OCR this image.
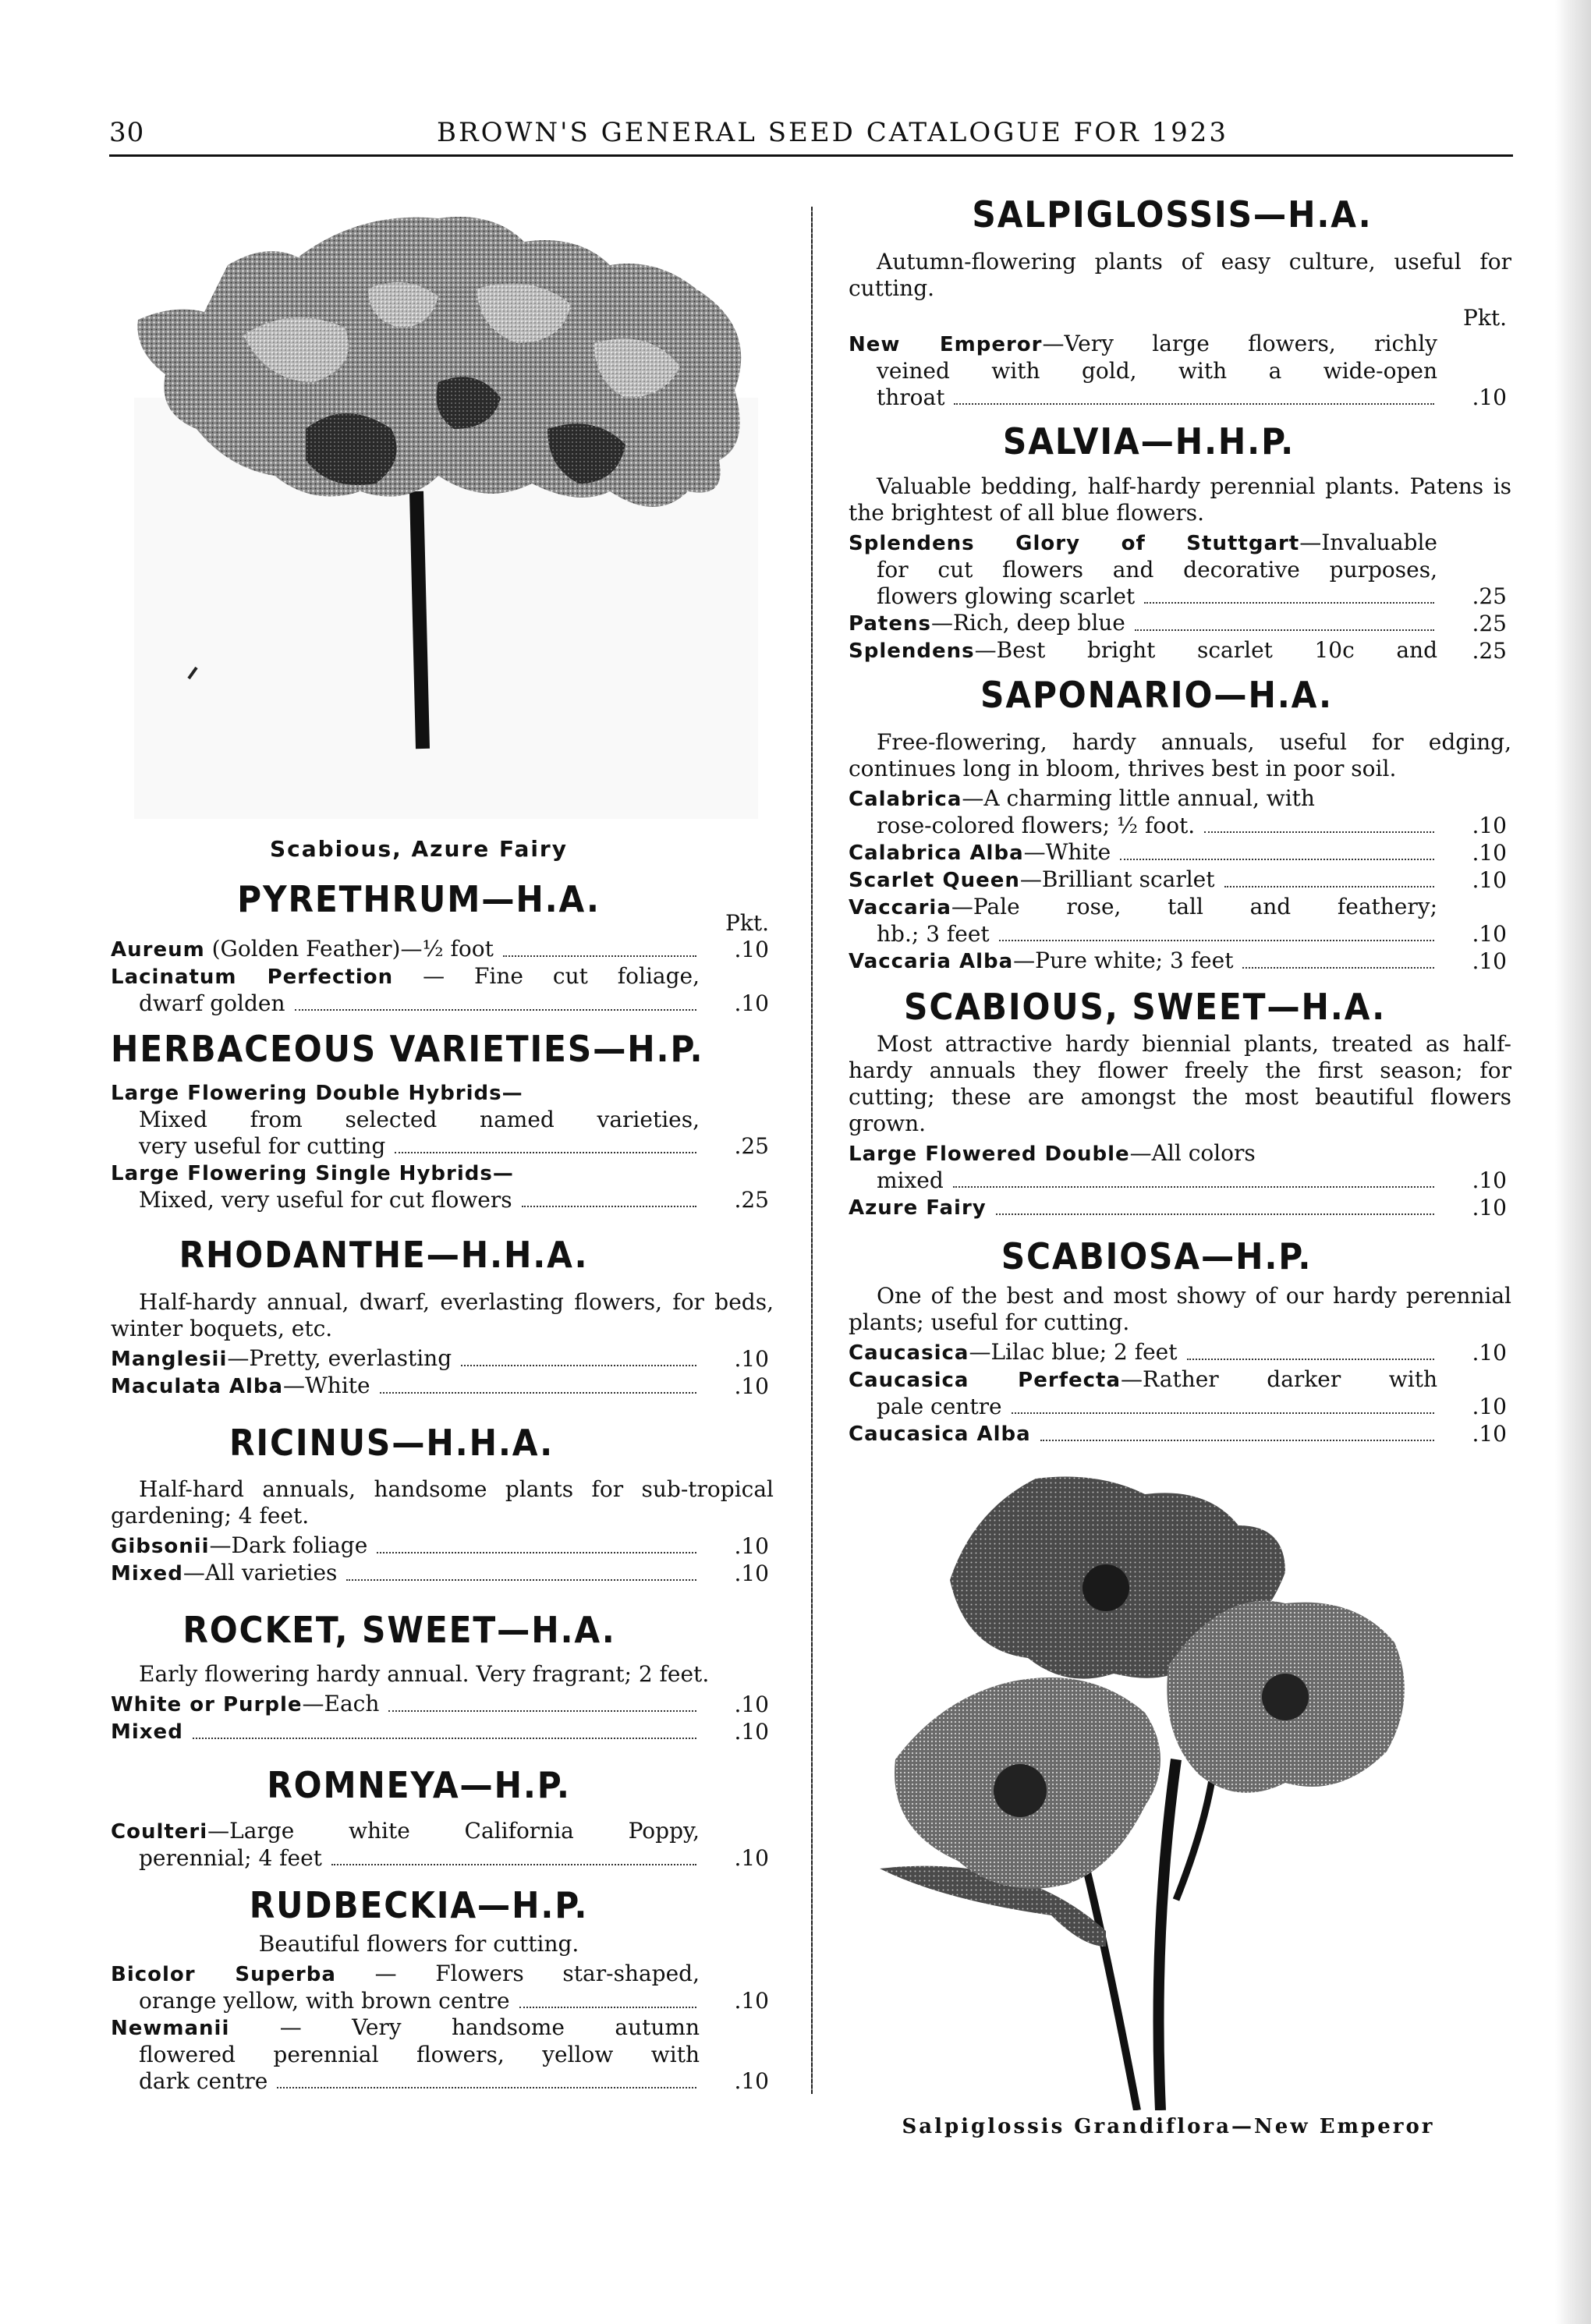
30	BROWN'S GENERAL SEED CATALOGUE FOR 1923
Scabious, Azure Fairy
PYRETHRUM—H.A.
Pkt.
Aureum (Golden Feather)—½ foot	.10
Lacinatum Perfection — Fine cut foliage,
dwarf golden	.10
HERBACEOUS VARIETIES—H.P.
Large Flowering Double Hybrids—
Mixed from selected named varieties,
very useful for cutting	.25
Large Flowering Single Hybrids—
Mixed, very useful for cut flowers	.25
RHODANTHE—H.H.A.

Half-hardy annual, dwarf, everlasting flowers, for beds, winter boquets, etc.

Manglesii—Pretty, everlasting	.10
Maculata Alba—White	.10
RICINUS—H.H.A.

Half-hard annuals, handsome plants for sub-tropical gardening; 4 feet.

Gibsonii—Dark foliage	.10
Mixed—All varieties	.10
ROCKET, SWEET—H.A.

Early flowering hardy annual. Very fragrant; 2 feet.

White or Purple—Each	.10
Mixed	.10
ROMNEYA—H.P.
Coulteri—Large white California Poppy,
perennial; 4 feet	.10
RUDBECKIA—H.P.

Beautiful flowers for cutting.

Bicolor Superba — Flowers star-shaped,
orange yellow, with brown centre	.10
Newmanii — Very handsome autumn
flowered perennial flowers, yellow with
dark centre	.10
SALPIGLOSSIS—H.A.

Autumn-flowering plants of easy culture, useful for cutting.

Pkt.
New Emperor—Very large flowers, richly
veined with gold, with a wide-open
throat	.10
SALVIA—H.H.P.

Valuable bedding, half-hardy perennial plants. Patens is the brightest of all blue flowers.

Splendens Glory of Stuttgart—Invaluable
for cut flowers and decorative purposes,
flowers glowing scarlet	.25
Patens—Rich, deep blue	.25
Splendens—Best bright scarlet 10c and	.25
SAPONARIO—H.A.

Free-flowering, hardy annuals, useful for edging, continues long in bloom, thrives best in poor soil.

Calabrica—A charming little annual, with
rose-colored flowers; ½ foot.	.10
Calabrica Alba—White	.10
Scarlet Queen—Brilliant scarlet	.10
Vaccaria—Pale rose, tall and feathery;
hb.; 3 feet	.10
Vaccaria Alba—Pure white; 3 feet	.10
SCABIOUS, SWEET—H.A.

Most attractive hardy biennial plants, treated as half-hardy annuals they flower freely the first season; for cutting; these are amongst the most beautiful flowers grown.

Large Flowered Double—All colors
mixed	.10
Azure Fairy	.10
SCABIOSA—H.P.

One of the best and most showy of our hardy perennial plants; useful for cutting.

Caucasica—Lilac blue; 2 feet	.10
Caucasica Perfecta—Rather darker with
pale centre	.10
Caucasica Alba	.10
Salpiglossis Grandiflora—New Emperor
